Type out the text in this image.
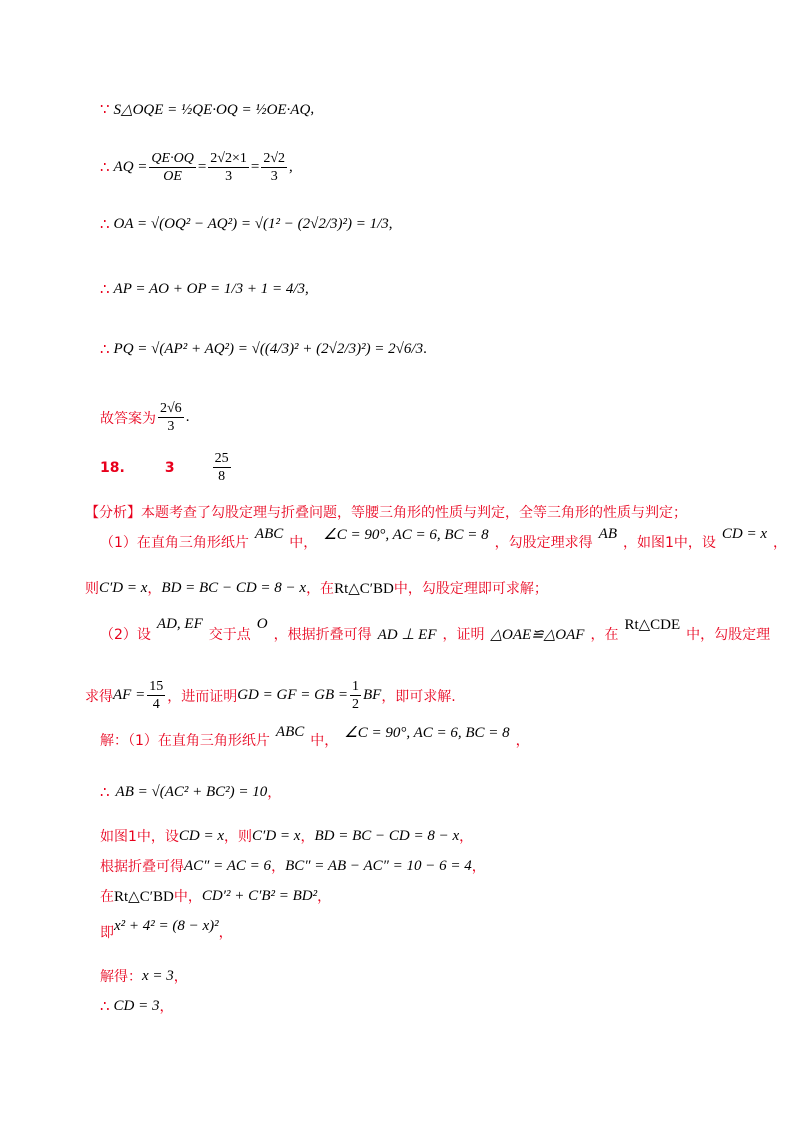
∵ S△OQE = ½QE·OQ = ½OE·AQ ,
∴ AQ = $\frac{QE\cdot OQ}{OE} = \frac{2√2\times 1}{3} = \frac{2√2}{3}$ ,
∴ OA = √(OQ² − AQ²) = √(1² − (2√2/3)²) = 1/3 ,
∴ AP = AO + OP = 1/3 + 1 = 4/3 ,
∴ PQ = √(AP² + AQ²) = √((4/3)² + (2√2/3)²) = 2√6/3 .
故答案为 $\frac{2√6}{3}$ .
18.	3	$\frac{25}{8}$
【分析】本题考查了勾股定理与折叠问题，等腰三角形的性质与判定，全等三角形的性质与判定；
（1）在直角三角形纸片
ABC
中，
∠C = 90°, AC = 6, BC = 8
，勾股定理求得
AB
，如图1中，设
CD = x
，
则 C′D = x ， BD = BC − CD = 8 − x ，在 Rt△C′BD 中，勾股定理即可求解；
（2）设
AD, EF
交于点
O
，根据折叠可得 AD ⊥ EF ，证明 △OAE≌△OAF ，在
Rt△CDE
中，勾股定理
求得 AF = $\frac{15}{4}$ ，进而证明 GD = GF = GB = $\frac{1}{2}$ BF ，即可求解.
解：（1）在直角三角形纸片
ABC
中，
∠C = 90°, AC = 6, BC = 8
，
∴ AB = √(AC² + BC²) = 10 ，
如图1中，设 CD = x ，则 C′D = x ， BD = BC − CD = 8 − x ，
根据折叠可得 AC″ = AC = 6 ， BC″ = AB − AC″ = 10 − 6 = 4 ，
在 Rt△C′BD 中， CD′² + C′B² = BD² ，
即 x² + 4² = (8 − x)² ，
解得： x = 3 ，
∴ CD = 3 ，
